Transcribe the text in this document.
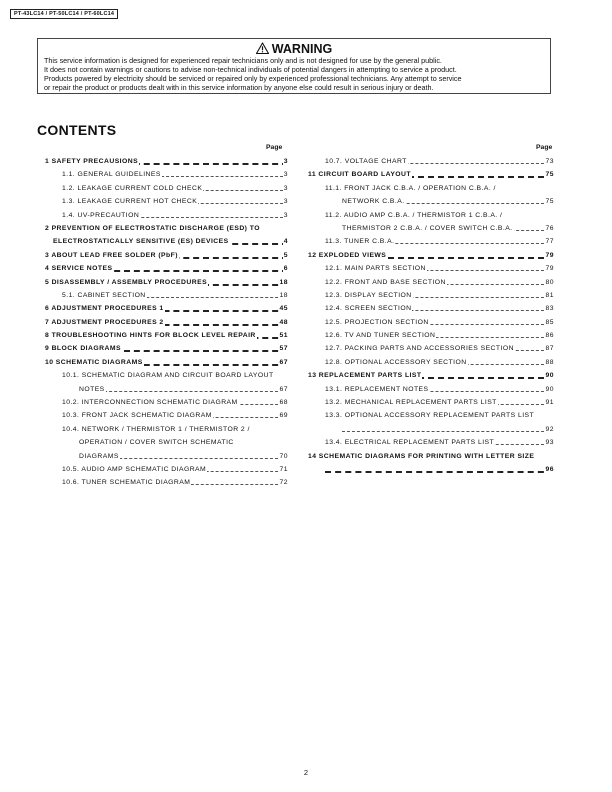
PT-43LC14 / PT-50LC14 / PT-60LC14
WARNING
This service information is designed for experienced repair technicians only and is not designed for use by the general public.
It does not contain warnings or cautions to advise non-technical individuals of potential dangers in attempting to service a product.
Products powered by electricity should be serviced or repaired only by experienced professional technicians. Any attempt to service
or repair the product or products dealt with in this service information by anyone else could result in serious injury or death.
CONTENTS
Page	Page
1 SAFETY PRECAUSIONS	3
1.1. GENERAL GUIDELINES	3
1.2. LEAKAGE CURRENT COLD CHECK	3
1.3. LEAKAGE CURRENT HOT CHECK	3
1.4. UV-PRECAUTION	3
2 PREVENTION OF ELECTROSTATIC DISCHARGE (ESD) TO
ELECTROSTATICALLY SENSITIVE (ES) DEVICES	4
3 ABOUT LEAD FREE SOLDER (PbF)	5
4 SERVICE NOTES	6
5 DISASSEMBLY / ASSEMBLY PROCEDURES	18
5.1. CABINET SECTION	18
6 ADJUSTMENT PROCEDURES 1	45
7 ADJUSTMENT PROCEDURES 2	48
8 TROUBLESHOOTING HINTS FOR BLOCK LEVEL REPAIR	51
9 BLOCK DIAGRAMS	57
10 SCHEMATIC DIAGRAMS	67
10.1. SCHEMATIC DIAGRAM AND CIRCUIT BOARD LAYOUT
NOTES	67
10.2. INTERCONNECTION SCHEMATIC DIAGRAM	68
10.3. FRONT JACK SCHEMATIC DIAGRAM	69
10.4. NETWORK / THERMISTOR 1 / THERMISTOR 2 /
OPERATION / COVER SWITCH SCHEMATIC
DIAGRAMS	70
10.5. AUDIO AMP SCHEMATIC DIAGRAM	71
10.6. TUNER SCHEMATIC DIAGRAM	72
10.7. VOLTAGE CHART	73
11 CIRCUIT BOARD LAYOUT	75
11.1. FRONT JACK C.B.A. / OPERATION C.B.A. /
NETWORK C.B.A.	75
11.2. AUDIO AMP C.B.A. / THERMISTOR 1 C.B.A. /
THERMISTOR 2 C.B.A. / COVER SWITCH C.B.A.	76
11.3. TUNER C.B.A.	77
12 EXPLODED VIEWS	79
12.1. MAIN PARTS SECTION	79
12.2. FRONT AND BASE SECTION	80
12.3. DISPLAY SECTION	81
12.4. SCREEN SECTION	83
12.5. PROJECTION SECTION	85
12.6. TV AND TUNER SECTION	86
12.7. PACKING PARTS AND ACCESSORIES SECTION	87
12.8. OPTIONAL ACCESSORY SECTION	88
13 REPLACEMENT PARTS LIST	90
13.1. REPLACEMENT NOTES	90
13.2. MECHANICAL REPLACEMENT PARTS LIST	91
13.3. OPTIONAL ACCESSORY REPLACEMENT PARTS LIST
92
13.4. ELECTRICAL REPLACEMENT PARTS LIST	93
14 SCHEMATIC DIAGRAMS FOR PRINTING WITH LETTER SIZE
96
2
